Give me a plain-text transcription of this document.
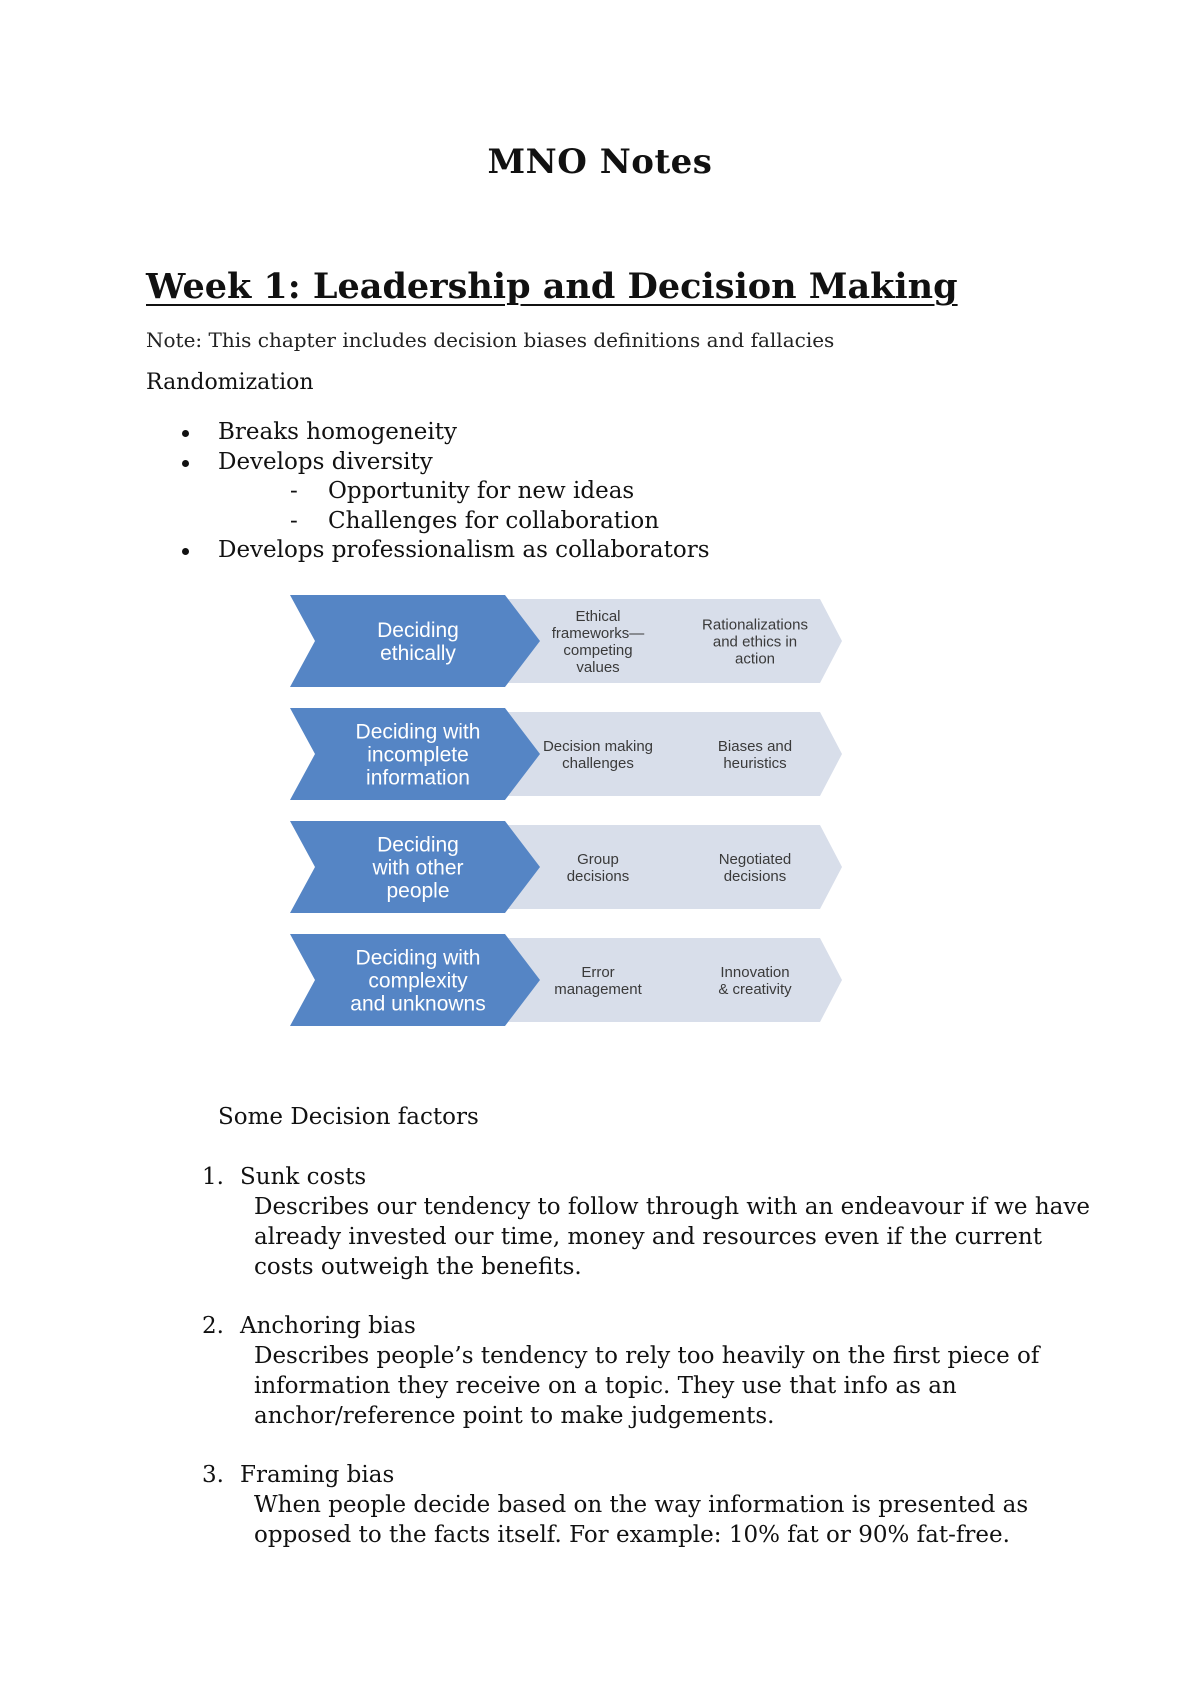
MNO Notes
Week 1: Leadership and Decision Making
Note: This chapter includes decision biases definitions and fallacies
Randomization
Breaks homogeneity
Develops diversity
- Opportunity for new ideas
- Challenges for collaboration
Develops professionalism as collaborators
Deciding ethically
Ethical frameworks— competing values
Rationalizations and ethics in action
Deciding with incomplete information
Decision making challenges
Biases and heuristics
Deciding with other people
Group decisions
Negotiated decisions
Deciding with complexity and unknowns
Error management
Innovation & creativity
Some Decision factors
1. Sunk costs
Describes our tendency to follow through with an endeavour if we have already invested our time, money and resources even if the current costs outweigh the benefits.
2. Anchoring bias
Describes people’s tendency to rely too heavily on the first piece of information they receive on a topic. They use that info as an anchor/reference point to make judgements.
3. Framing bias
When people decide based on the way information is presented as opposed to the facts itself. For example: 10% fat or 90% fat-free.
